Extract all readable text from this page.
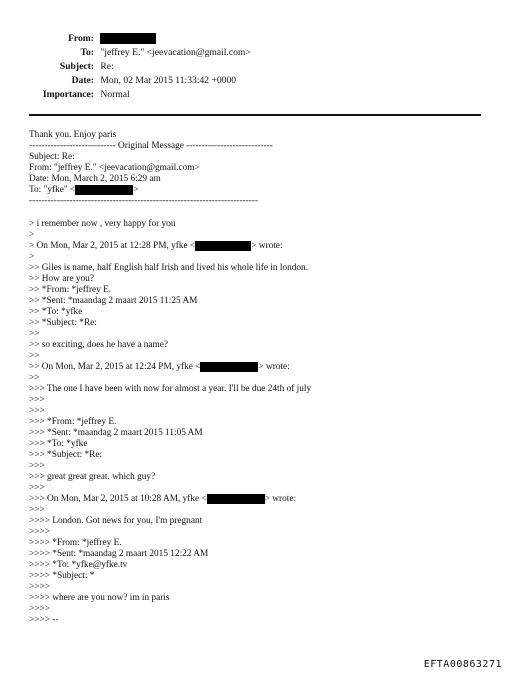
From:
To: "jeffrey E." <jeevacation@gmail.com>
Subject: Re:
Date: Mon, 02 Mar 2015 11:33:42 +0000
Importance: Normal
Thank you. Enjoy paris
---------------------------- Original Message ----------------------------
Subject: Re:
From: "jeffrey E." <jeevacation@gmail.com>
Date: Mon, March 2, 2015 6:29 am
To: "yfke" <	>
--------------------------------------------------------------------------
> i remember now , very happy for you
>
> On Mon, Mar 2, 2015 at 12:28 PM, yfke <	> wrote:
>
>> Giles is name, half English half Irish and lived his whole life in london.
>> How are you?
>> *From: *jeffrey E.
>> *Sent: *maandag 2 maart 2015 11:25 AM
>> *To: *yfke
>> *Subject: *Re:
>>
>> so exciting, does he have a name?
>>
>> On Mon, Mar 2, 2015 at 12:24 PM, yfke <	> wrote:
>>
>>> The one I have been with now for almost a year. I'll be due 24th of july
>>>
>>>
>>> *From: *jeffrey E.
>>> *Sent: *maandag 2 maart 2015 11:05 AM
>>> *To: *yfke
>>> *Subject: *Re:
>>>
>>> great great great. which guy?
>>>
>>> On Mon, Mar 2, 2015 at 10:28 AM, yfke <	> wrote:
>>>
>>>> London. Got news for you, I'm pregnant
>>>>
>>>> *From: *jeffrey E.
>>>> *Sent: *maandag 2 maart 2015 12:22 AM
>>>> *To: *yfke@yfke.tv
>>>> *Subject: *
>>>>
>>>> where are you now? im in paris
>>>>
>>>> --
EFTA00863271
